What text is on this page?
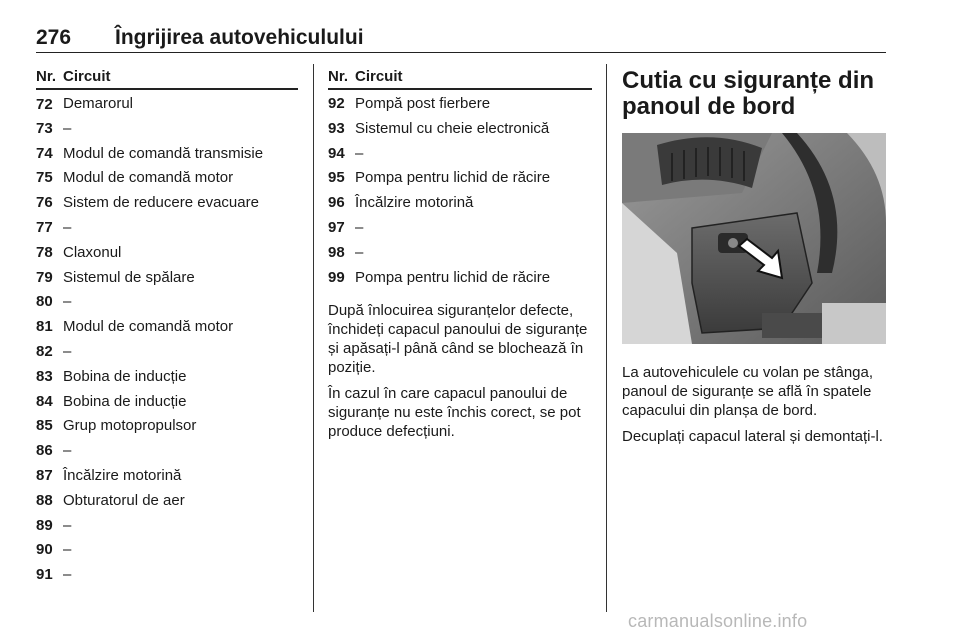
276 Îngrijirea autovehiculului
Nr. Circuit
72 Demarorul
73 –
74 Modul de comandă transmisie
75 Modul de comandă motor
76 Sistem de reducere evacuare
77 –
78 Claxonul
79 Sistemul de spălare
80 –
81 Modul de comandă motor
82 –
83 Bobina de inducție
84 Bobina de inducție
85 Grup motopropulsor
86 –
87 Încălzire motorină
88 Obturatorul de aer
89 –
90 –
91 –
Nr. Circuit
92 Pompă post fierbere
93 Sistemul cu cheie electronică
94 –
95 Pompa pentru lichid de răcire
96 Încălzire motorină
97 –
98 –
99 Pompa pentru lichid de răcire

După înlocuirea siguranțelor defecte, închideți capacul panoului de siguranțe și apăsați-l până când se blochează în poziție.

În cazul în care capacul panoului de siguranțe nu este închis corect, se pot produce defecțiuni.

Cutia cu siguranțe din panoul de bord

La autovehiculele cu volan pe stânga, panoul de siguranțe se află în spatele capacului din planșa de bord.

Decuplați capacul lateral și demontați-l.

carmanualsonline.info
